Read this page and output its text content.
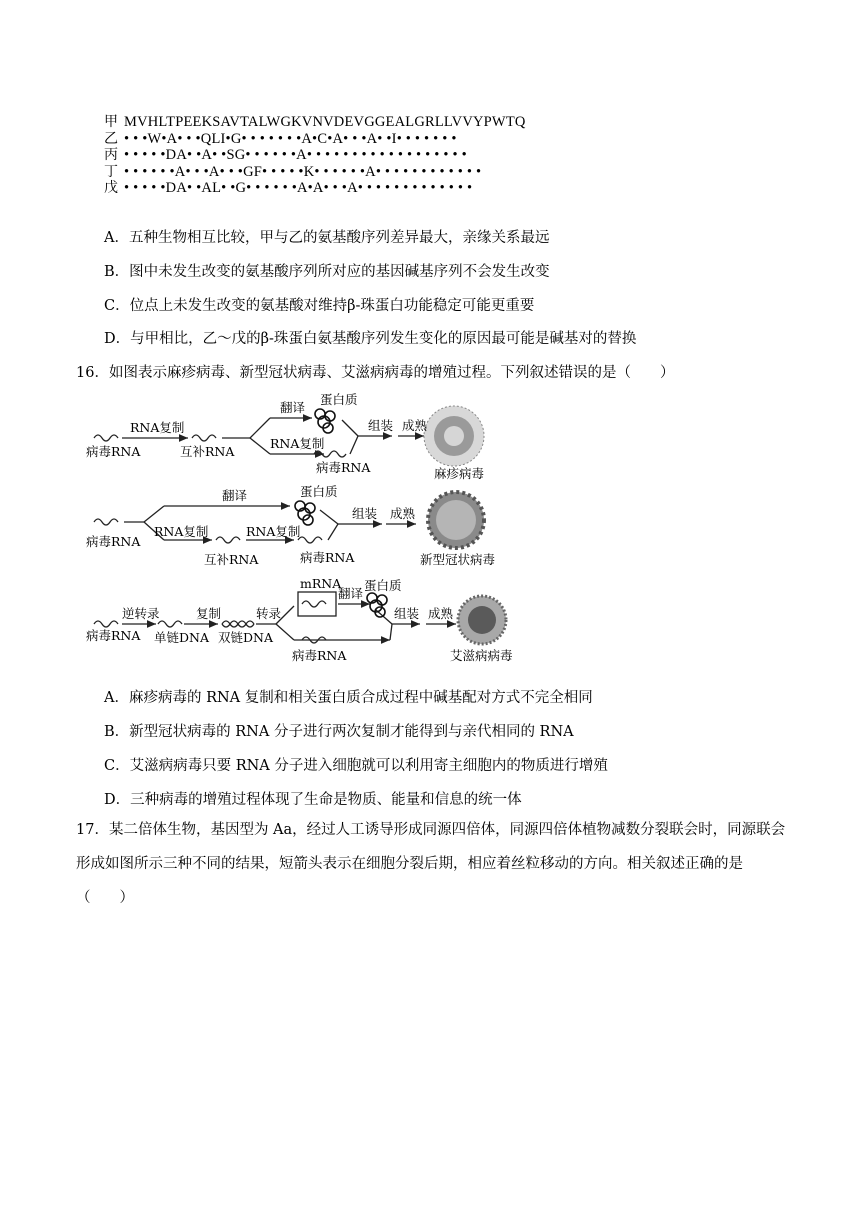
甲 MVHLTPEEKSAVTALWGKVNVDEVGGEALGRLLVVYPWTQ
乙 • • •W•A• • •QLI•G• • • • • • •A•C•A• • •A• •I• • • • • • •
丙 • • • • •DA• •A• •SG• • • • • •A• • • • • • • • • • • • • • • • • •
丁 • • • • • •A• • •A• • •GF• • • • •K• • • • • •A• • • • • • • • • • • •
戊 • • • • •DA• •AL• •G• • • • • •A•A• • •A• • • • • • • • • • • • •
A．五种生物相互比较，甲与乙的氨基酸序列差异最大，亲缘关系最远
B．图中未发生改变的氨基酸序列所对应的基因碱基序列不会发生改变
C．位点上未发生改变的氨基酸对维持β-珠蛋白功能稳定可能更重要
D．与甲相比，乙～戊的β-珠蛋白氨基酸序列发生变化的原因最可能是碱基对的替换
16．如图表示麻疹病毒、新型冠状病毒、艾滋病病毒的增殖过程。下列叙述错误的是（　　）
病毒RNA
RNA复制
互补RNA
翻译
蛋白质
RNA复制
病毒RNA
组装 成熟
麻疹病毒
病毒RNA
翻译	蛋白质
RNA复制
互补RNA
RNA复制
病毒RNA
组装 成熟
新型冠状病毒
逆转录
病毒RNA 单链DNA
复制
双链DNA
转录
mRNA
翻译
蛋白质
病毒RNA
组装 成熟
艾滋病病毒
A．麻疹病毒的 RNA 复制和相关蛋白质合成过程中碱基配对方式不完全相同
B．新型冠状病毒的 RNA 分子进行两次复制才能得到与亲代相同的 RNA
C．艾滋病病毒只要 RNA 分子进入细胞就可以利用寄主细胞内的物质进行增殖
D．三种病毒的增殖过程体现了生命是物质、能量和信息的统一体
17．某二倍体生物，基因型为 Aa，经过人工诱导形成同源四倍体，同源四倍体植物减数分裂联会时，同源联会形成如图所示三种不同的结果，短箭头表示在细胞分裂后期，相应着丝粒移动的方向。相关叙述正确的是（　　）
